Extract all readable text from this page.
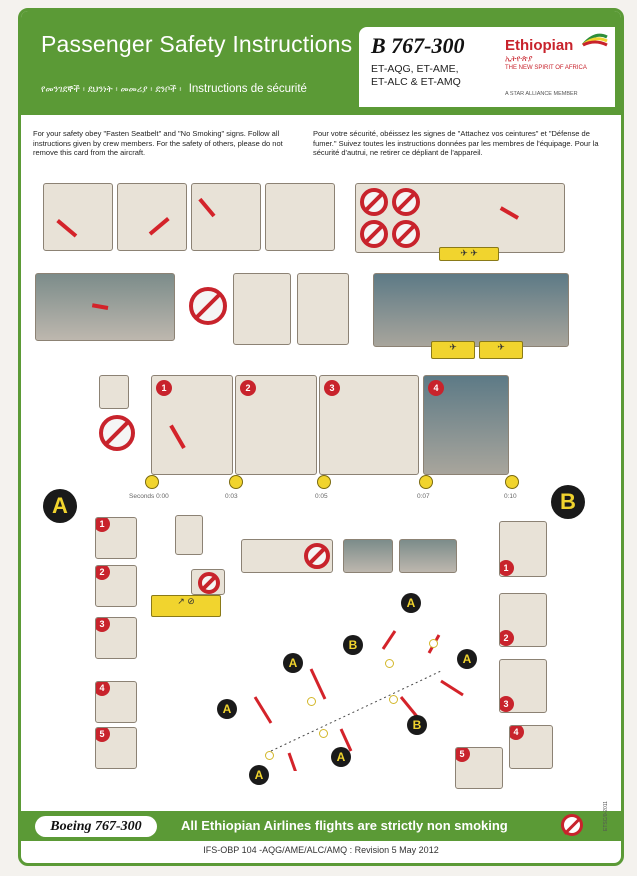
Passenger Safety Instructions
የመንገደኞች ፡ ደህንነት ፡ መመሪያ ፡ ደንቦች ፡ Instructions de sécurité
B 767-300
ET-AQG, ET-AME, ET-ALC & ET-AMQ
Ethiopian
ኢትዮጵያ
THE NEW SPIRIT OF AFRICA
A STAR ALLIANCE MEMBER
For your safety obey "Fasten Seatbelt" and "No Smoking" signs. Follow all instructions given by crew members. For the safety of others, please do not remove this card from the aircraft.
Pour votre sécurité, obéissez les signes de "Attachez vos ceintures" et "Défense de fumer." Suivez toutes les instructions données par les membres de l'équipage. Pour la sécurité d'autrui, ne retirer ce dépliant de l'appareil.
✈ ✈
✈	✈
1	2	3	4
Seconds 0:00	0:03	0:05	0:07	0:10
A	B
1
2
3
4
5
1
2
3
4
5
↗ ⊘	A
B
A	A
A
B
A
A
Boeing 767-300	All Ethiopian Airlines flights are strictly non smoking
IFS-OBP 104 -AQG/AME/ALC/AMQ : Revision 5 May 2012
ETSC/0-2011
